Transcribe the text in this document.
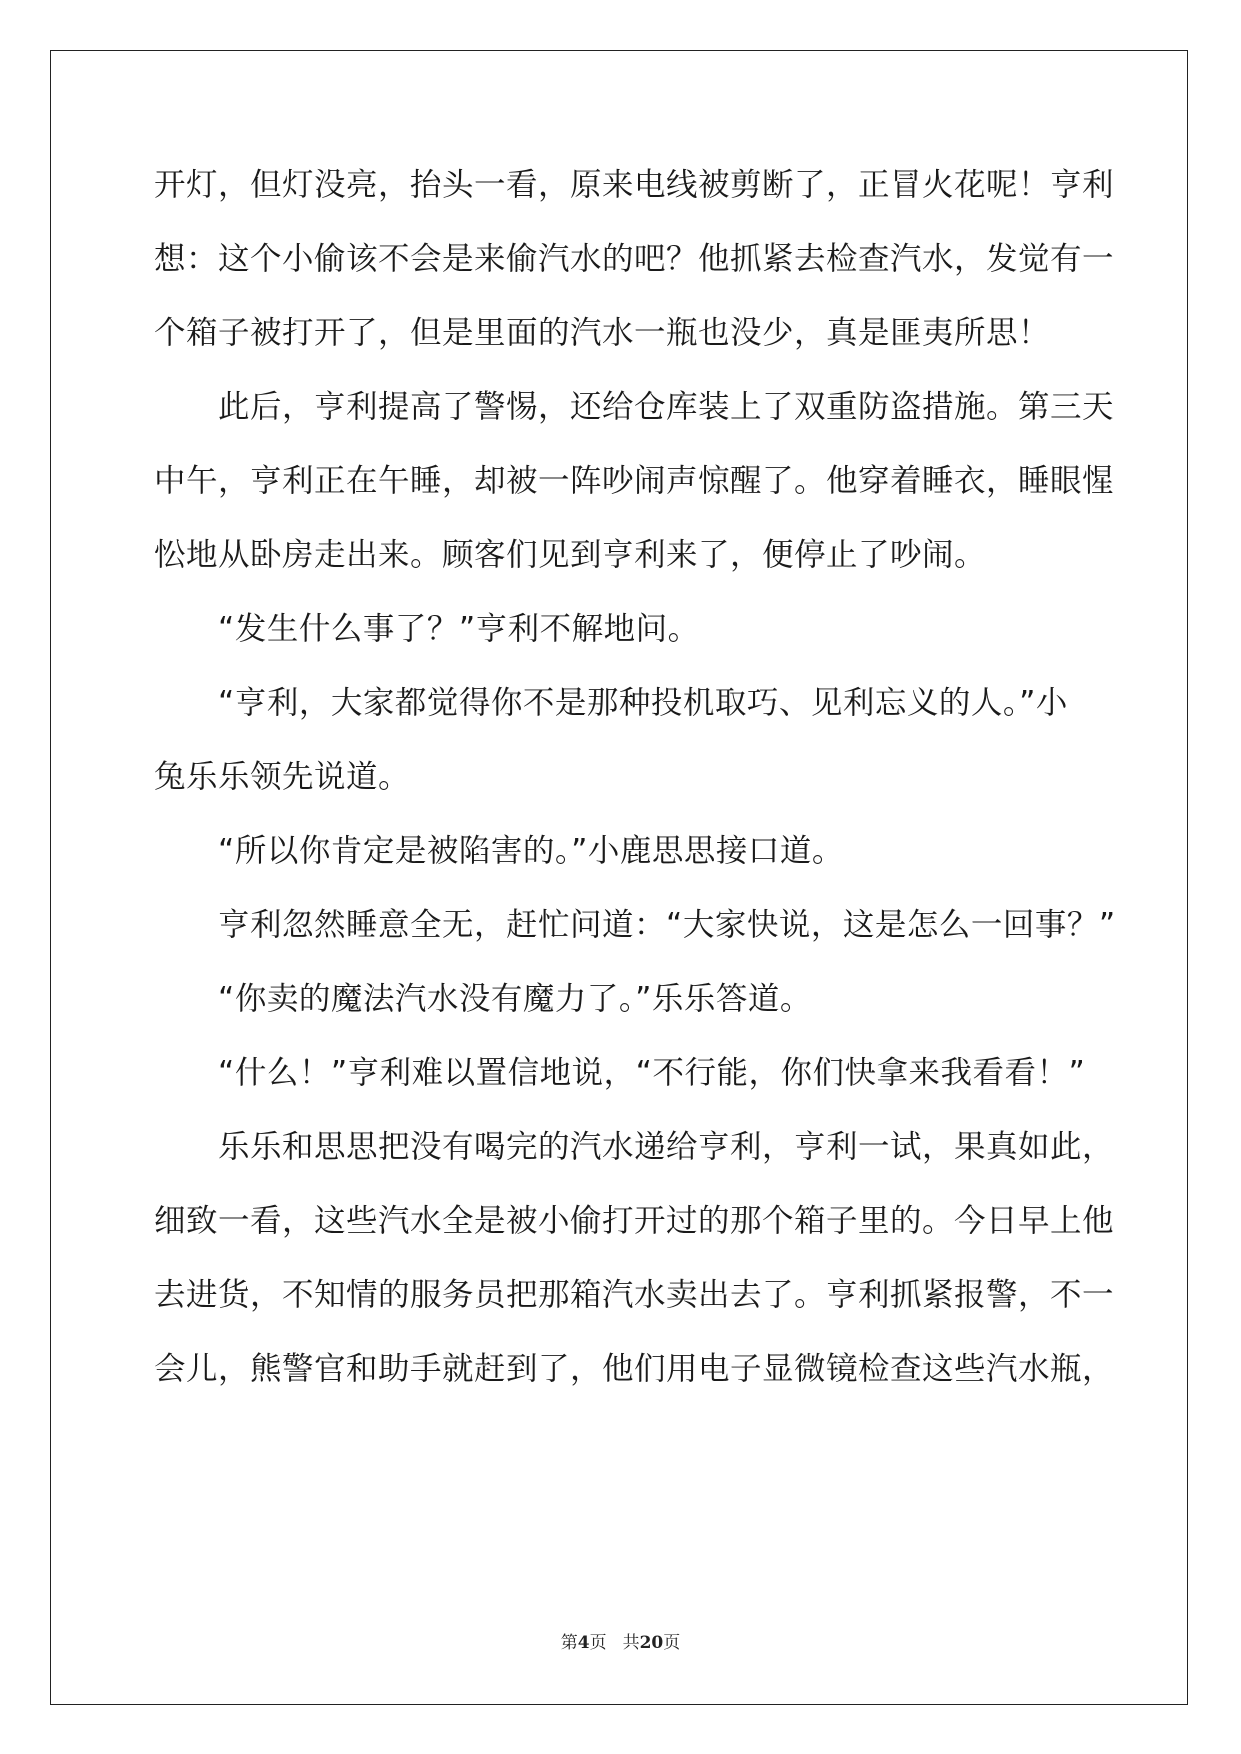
开灯，但灯没亮，抬头一看，原来电线被剪断了，正冒火花呢！亨利
想：这个小偷该不会是来偷汽水的吧？他抓紧去检查汽水，发觉有一
个箱子被打开了，但是里面的汽水一瓶也没少，真是匪夷所思！
　　此后，亨利提高了警惕，还给仓库装上了双重防盗措施。第三天
中午，亨利正在午睡，却被一阵吵闹声惊醒了。他穿着睡衣，睡眼惺
忪地从卧房走出来。顾客们见到亨利来了，便停止了吵闹。
　　“发生什么事了？”亨利不解地问。
　　“亨利，大家都觉得你不是那种投机取巧、见利忘义的人。”小
兔乐乐领先说道。
　　“所以你肯定是被陷害的。”小鹿思思接口道。
　　亨利忽然睡意全无，赶忙问道：“大家快说，这是怎么一回事？”
　　“你卖的魔法汽水没有魔力了。”乐乐答道。
　　“什么！”亨利难以置信地说，“不行能，你们快拿来我看看！”
　　乐乐和思思把没有喝完的汽水递给亨利，亨利一试，果真如此，
细致一看，这些汽水全是被小偷打开过的那个箱子里的。今日早上他
去进货，不知情的服务员把那箱汽水卖出去了。亨利抓紧报警，不一
会儿，熊警官和助手就赶到了，他们用电子显微镜检查这些汽水瓶，
第4页 共20页
